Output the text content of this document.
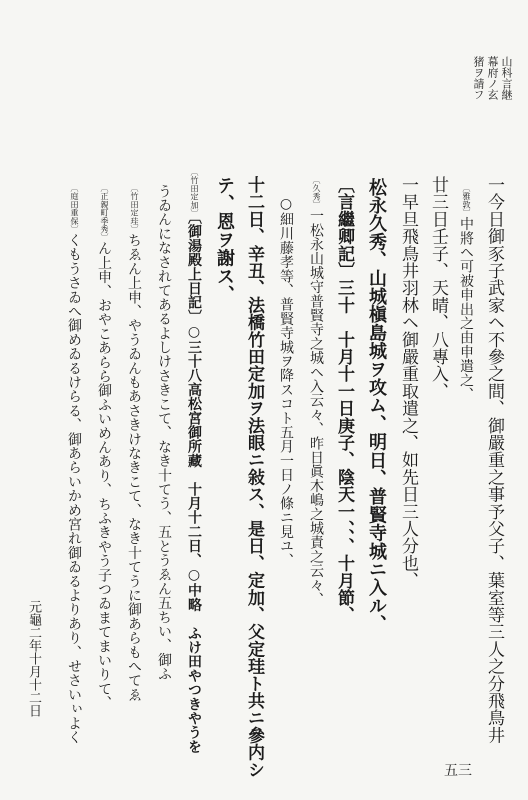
山科言継
幕府ノ玄
猪ヲ請フ
一今日御豕子武家ヘ不參之間、御嚴重之事予父子、葉室等三人之分飛鳥井
〔雅敦〕中將ヘ可被申出之由申遣之、
廿三日壬子、天晴、八專入、
一早旦飛鳥井羽林ヘ御嚴重取遣之、如先日三人分也、
松永久秀、山城槇島城ヲ攻ム、明日、普賢寺城ニ入ル、
〔言繼卿記〕三十　十月十一日庚子、陰天一、、、十月節、
〔久秀〕一松永山城守普賢寺之城ヘ入云々、昨日眞木嶋之城責之云々、
○細川藤孝等、普賢寺城ヲ降スコト五月一日ノ條ニ見ユ、
十二日、辛丑、法橋竹田定加ヲ法眼ニ敍ス、是日、定加、父定珪ト共ニ參内シ
テ、恩ヲ謝ス、
〔竹田定加〕〔御湯殿上日記〕○三十八高松宮御所藏　十月十二日、○中略　ふけ田やつきやうを
うゐんになされてあるよしけさきこて、なき十てう、五とうゑん五ちい、御ふ
〔竹田定珪〕ちゑん上申、やうゐんもあさきけなきこて、なき十てうに御あらもへてゑ
〔正親町季秀〕ん上申、おやこあらら御ふいめんあり、ちふきやう子つゐまてまいりて、
〔庭田重保〕くもうさゐへ御めゐるけらる、御あらいかめ宮れ御ゐるよりあり、せさいぃよく
元龜二年十月十二日
五三
